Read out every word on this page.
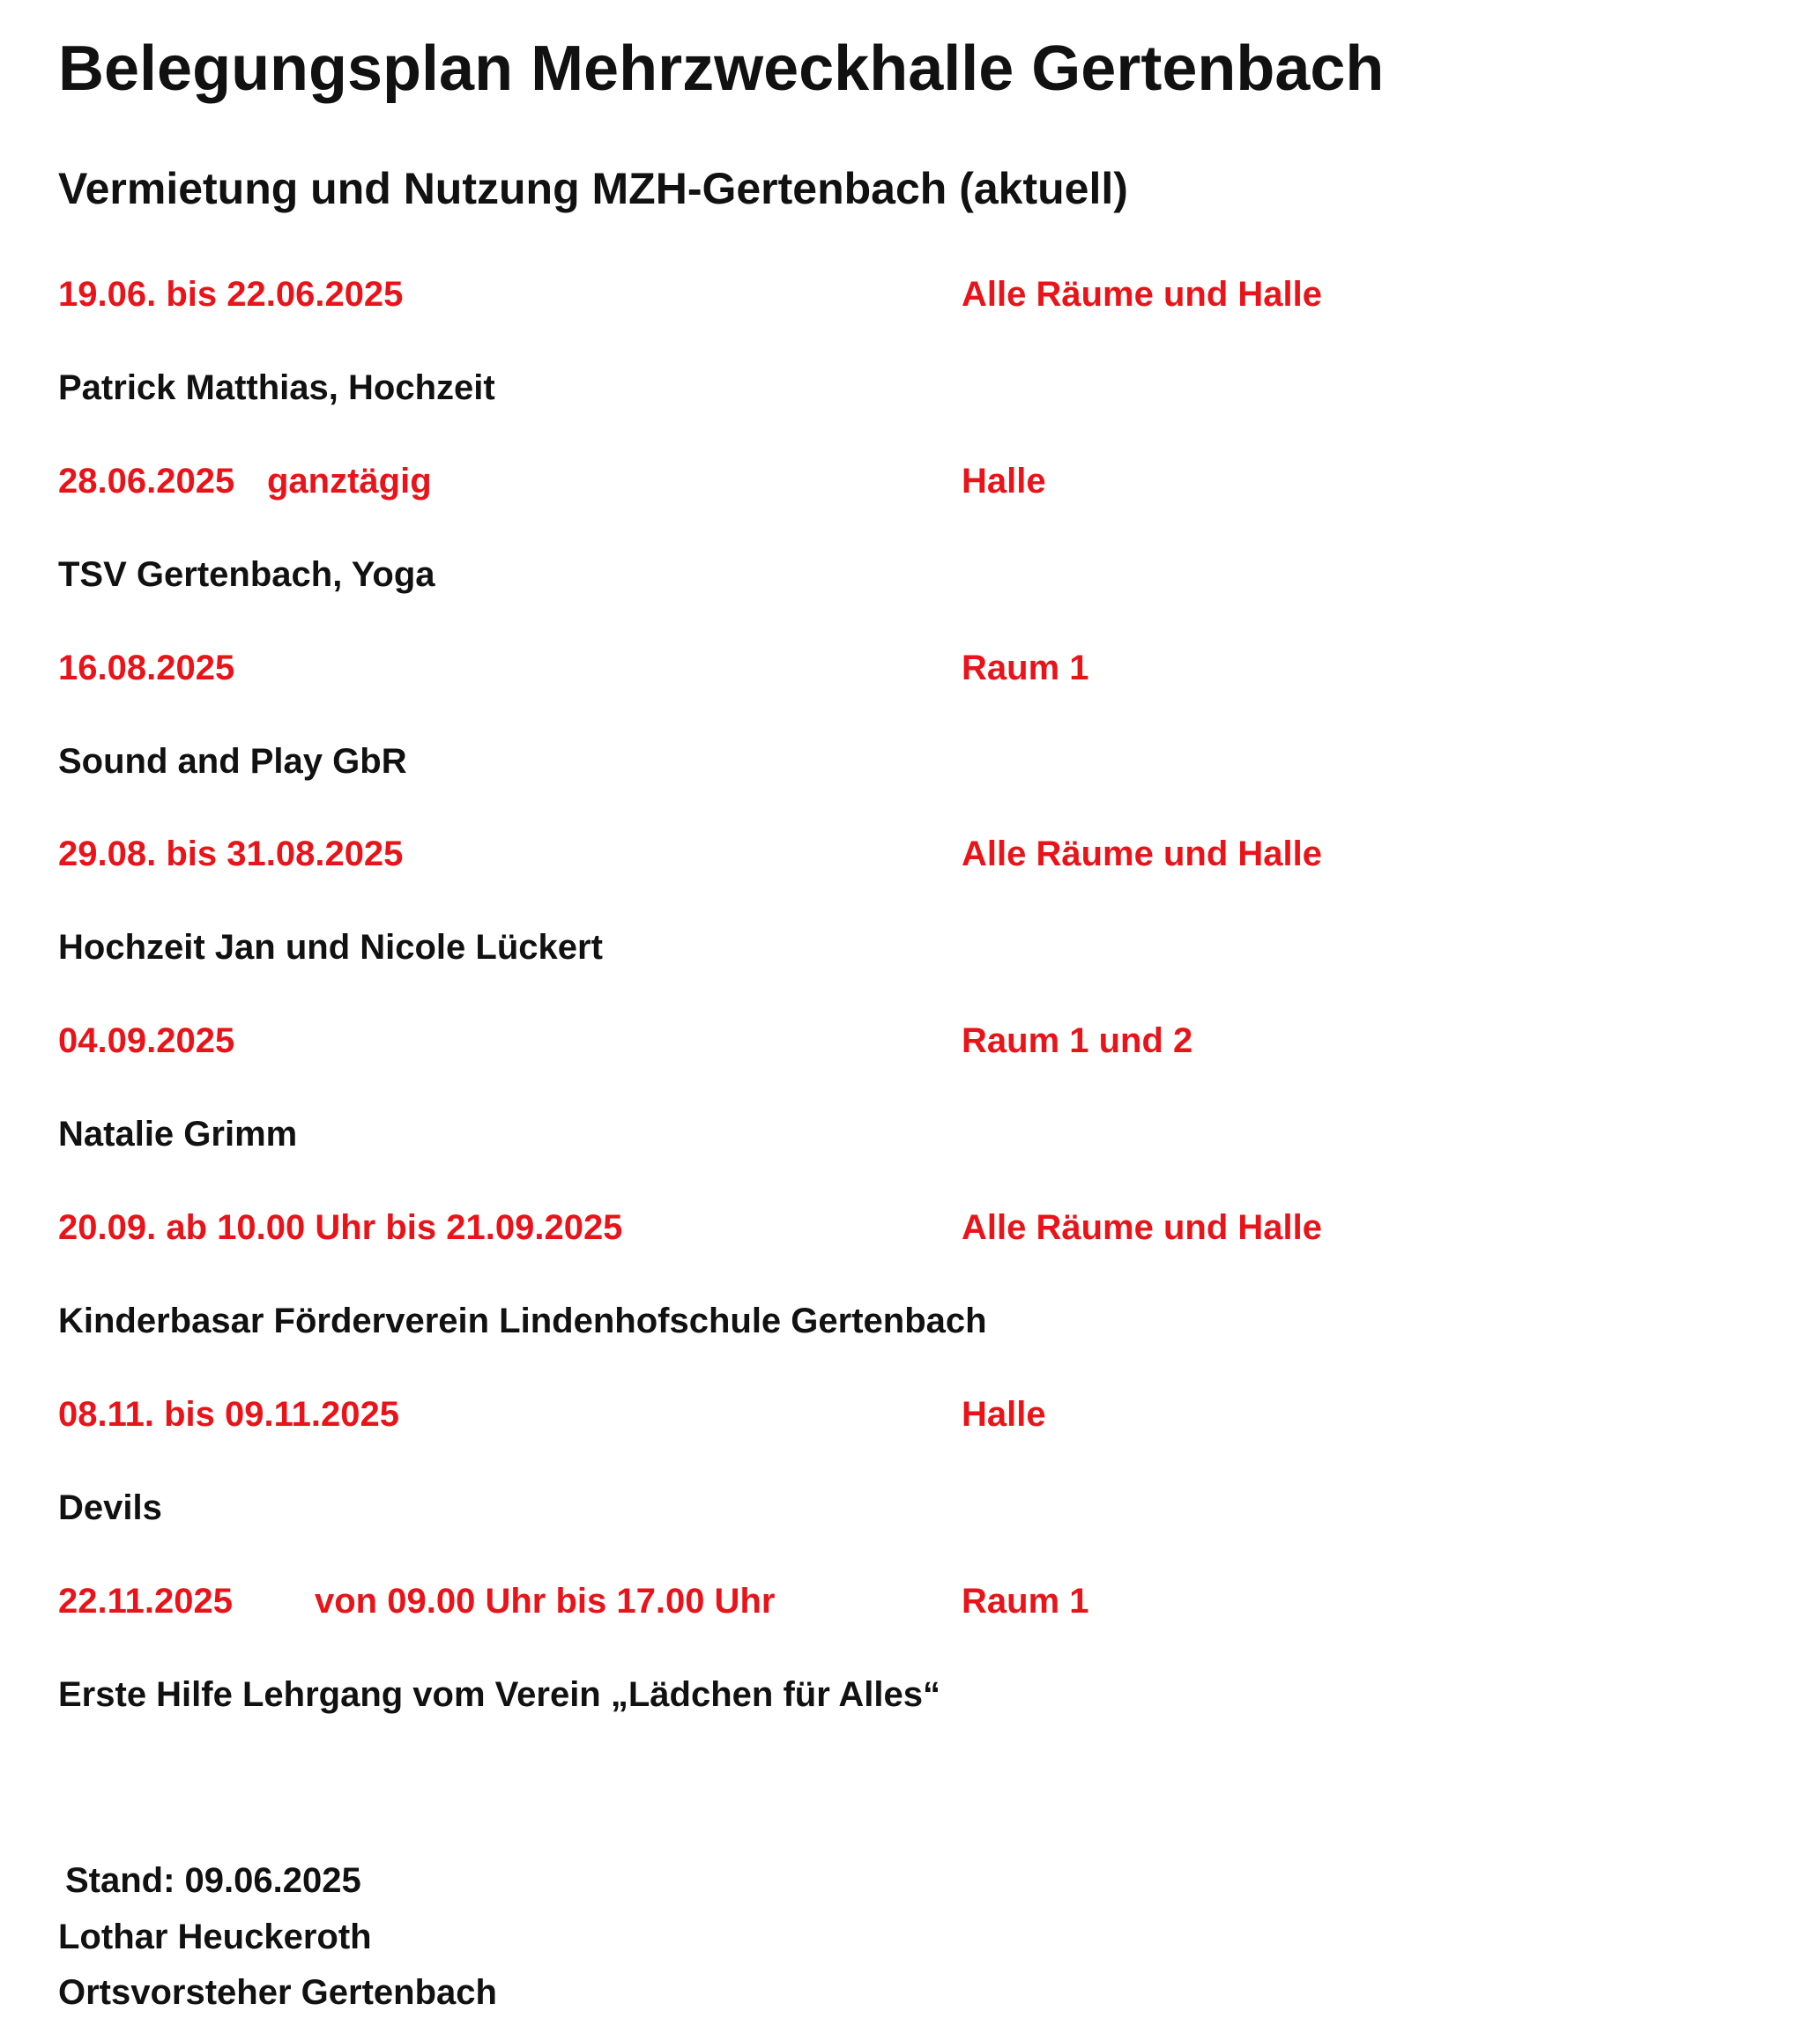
Belegungsplan Mehrzweckhalle Gertenbach
Vermietung und Nutzung MZH-Gertenbach (aktuell)
19.06. bis 22.06.2025	Alle Räume und Halle
Patrick Matthias, Hochzeit
28.06.2025 ganztägig	Halle
TSV Gertenbach, Yoga
16.08.2025	Raum 1
Sound and Play GbR
29.08. bis 31.08.2025	Alle Räume und Halle
Hochzeit Jan und Nicole Lückert
04.09.2025	Raum 1 und 2
Natalie Grimm
20.09. ab 10.00 Uhr bis 21.09.2025	Alle Räume und Halle
Kinderbasar Förderverein Lindenhofschule Gertenbach
08.11. bis 09.11.2025	Halle
Devils
22.11.2025 von 09.00 Uhr bis 17.00 Uhr	Raum 1
Erste Hilfe Lehrgang vom Verein „Lädchen für Alles“
Stand: 09.06.2025
Lothar Heuckeroth
Ortsvorsteher Gertenbach
